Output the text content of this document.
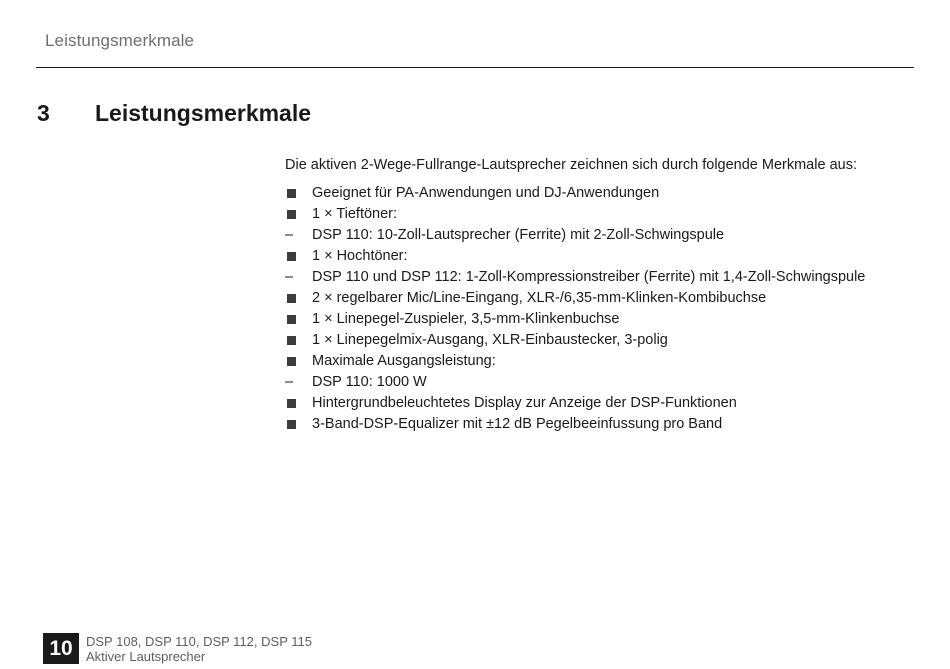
Leistungsmerkmale
3 Leistungsmerkmale

Die aktiven 2-Wege-Fullrange-Lautsprecher zeichnen sich durch folgende Merkmale aus:

Geeignet für PA-Anwendungen und DJ-Anwendungen
1 × Tieftöner:
– DSP 110: 10-Zoll-Lautsprecher (Ferrite) mit 2-Zoll-Schwingspule
1 × Hochtöner:
– DSP 110 und DSP 112: 1-Zoll-Kompressionstreiber (Ferrite) mit 1,4-Zoll-Schwingspule
2 × regelbarer Mic/Line-Eingang, XLR-/6,35-mm-Klinken-Kombibuchse
1 × Linepegel-Zuspieler, 3,5-mm-Klinkenbuchse
1 × Linepegelmix-Ausgang, XLR-Einbaustecker, 3-polig
Maximale Ausgangsleistung:
– DSP 110: 1000 W
Hintergrundbeleuchtetes Display zur Anzeige der DSP-Funktionen
3-Band-DSP-Equalizer mit ±12 dB Pegelbeeinfussung pro Band
10	DSP 108, DSP 110, DSP 112, DSP 115
Aktiver Lautsprecher
